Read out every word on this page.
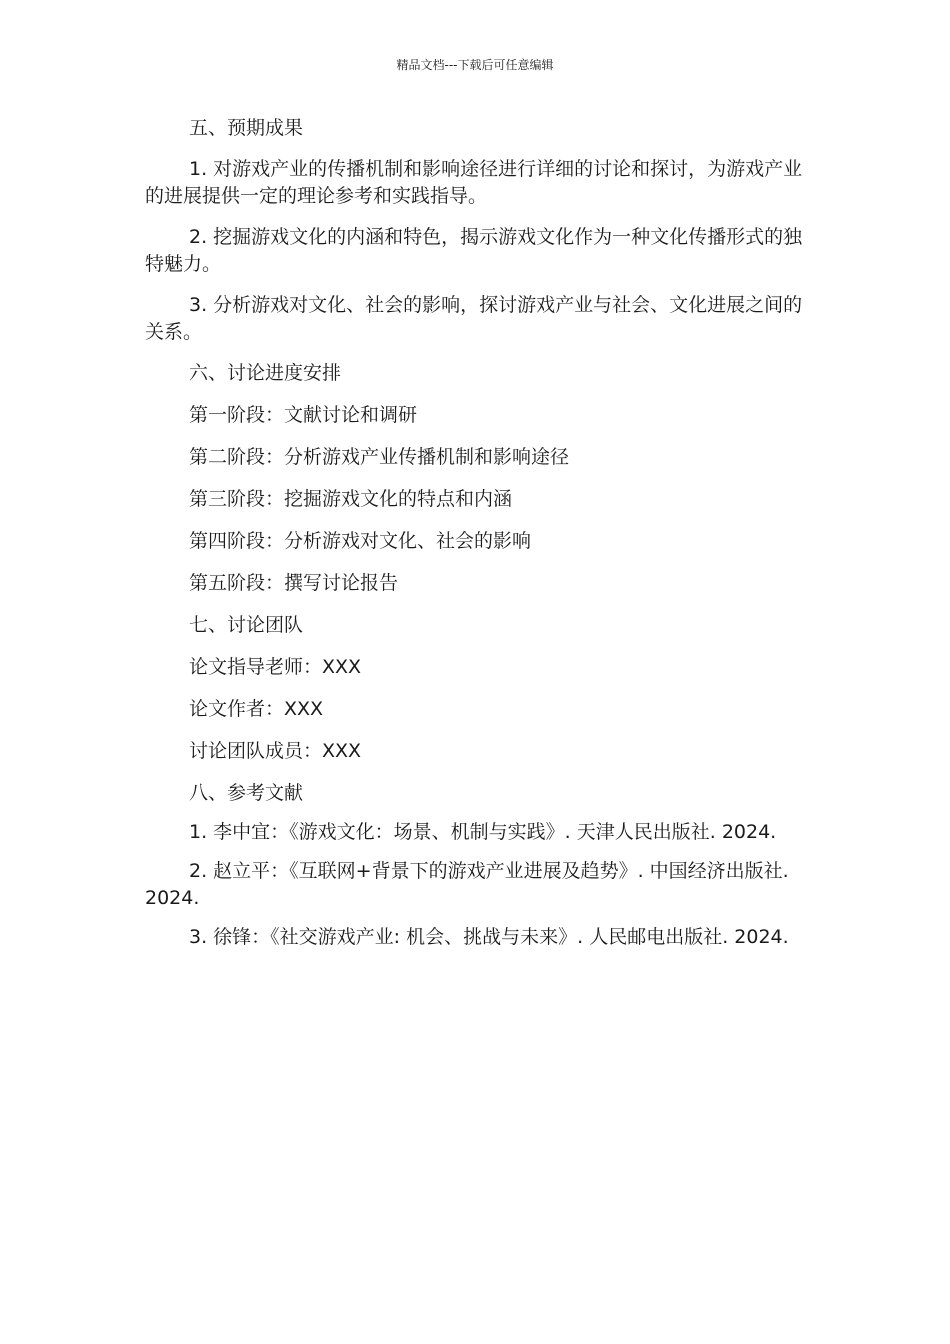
精品文档---下载后可任意编辑

五、预期成果

1. 对游戏产业的传播机制和影响途径进行详细的讨论和探讨，为游戏产业的进展提供一定的理论参考和实践指导。

2. 挖掘游戏文化的内涵和特色，揭示游戏文化作为一种文化传播形式的独特魅力。

3. 分析游戏对文化、社会的影响，探讨游戏产业与社会、文化进展之间的关系。

六、讨论进度安排

第一阶段：文献讨论和调研

第二阶段：分析游戏产业传播机制和影响途径

第三阶段：挖掘游戏文化的特点和内涵

第四阶段：分析游戏对文化、社会的影响

第五阶段：撰写讨论报告

七、讨论团队

论文指导老师：XXX

论文作者：XXX

讨论团队成员：XXX

八、参考文献

1. 李中宜：《游戏文化：场景、机制与实践》. 天津人民出版社. 2024.

2. 赵立平：《互联网+背景下的游戏产业进展及趋势》. 中国经济出版社. 2024.

3. 徐锋：《社交游戏产业: 机会、挑战与未来》. 人民邮电出版社. 2024.
